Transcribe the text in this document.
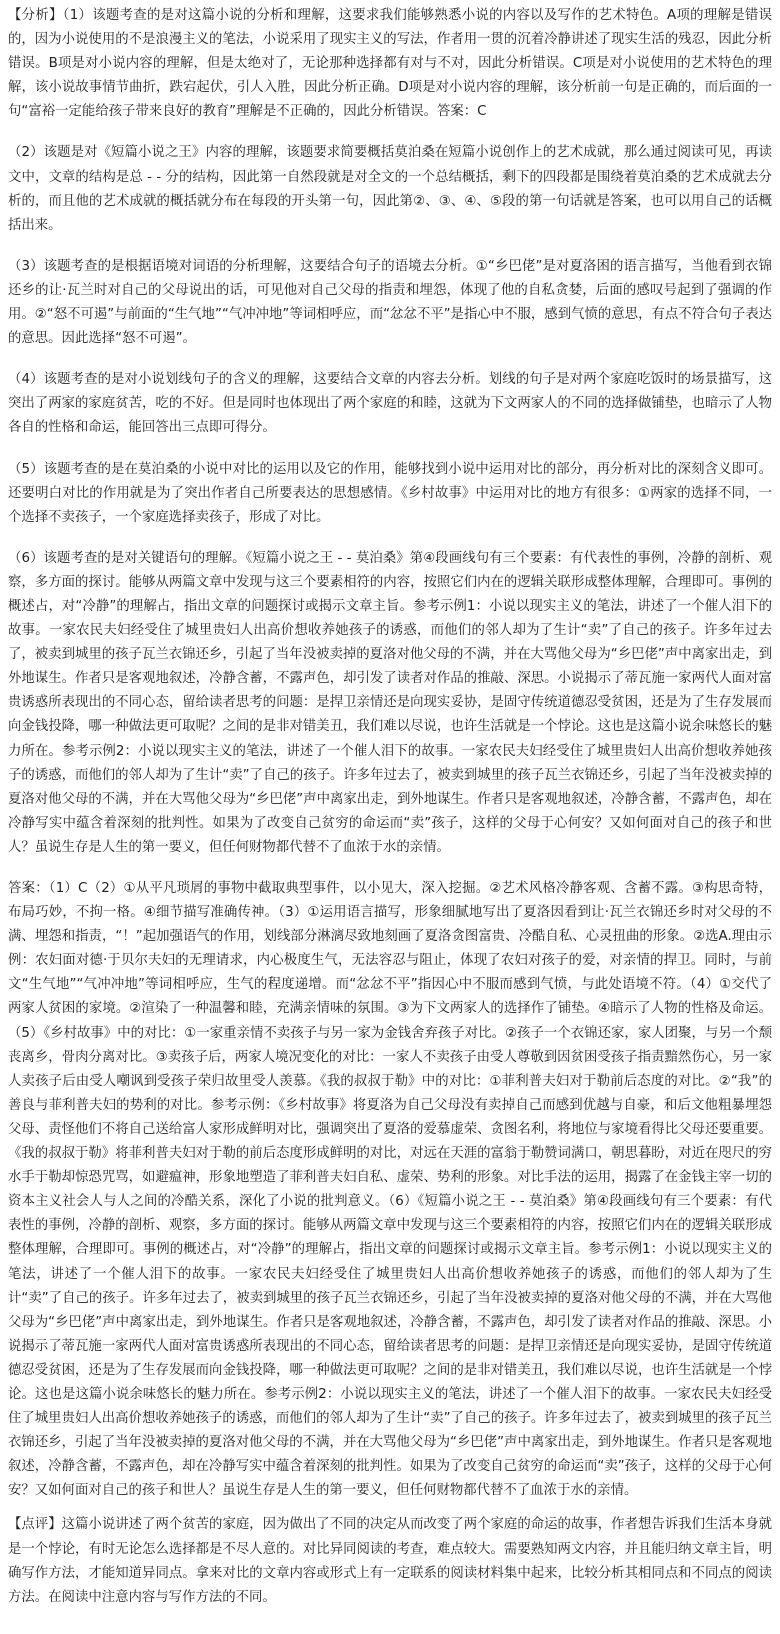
【分析】（1）该题考查的是对这篇小说的分析和理解，这要求我们能够熟悉小说的内容以及写作的艺术特色。A项的理解是错误的，因为小说使用的不是浪漫主义的笔法，小说采用了现实主义的写法，作者用一贯的沉着冷静讲述了现实生活的残忍，因此分析错误。B项是对小说内容的理解，但是太绝对了，无论那种选择都有对与不对，因此分析错误。C项是对小说使用的艺术特色的理解，该小说故事情节曲折，跌宕起伏，引人入胜，因此分析正确。D项是对小说内容的理解，该分析前一句是正确的，而后面的一句“富裕一定能给孩子带来良好的教育”理解是不正确的，因此分析错误。答案：C

（2）该题是对《短篇小说之王》内容的理解，该题要求简要概括莫泊桑在短篇小说创作上的艺术成就，那么通过阅读可见，再读文中，文章的结构是总 - - 分的结构，因此第一自然段就是对全文的一个总结概括，剩下的四段都是围绕着莫泊桑的艺术成就去分析的，而且他的艺术成就的概括就分布在每段的开头第一句，因此第②、③、④、⑤段的第一句话就是答案，也可以用自己的话概括出来。

（3）该题考查的是根据语境对词语的分析理解，这要结合句子的语境去分析。①“乡巴佬”是对夏洛困的语言描写，当他看到衣锦还乡的让·瓦兰时对自己的父母说出的话，可见他对自己父母的指责和埋怨，体现了他的自私贪婪，后面的感叹号起到了强调的作用。②“怒不可遏”与前面的“生气地”“气冲冲地”等词相呼应，而“忿忿不平”是指心中不服，感到气愤的意思，有点不符合句子表达的意思。因此选择“怒不可遏”。

（4）该题考查的是对小说划线句子的含义的理解，这要结合文章的内容去分析。划线的句子是对两个家庭吃饭时的场景描写，这突出了两家的家庭贫苦，吃的不好。但是同时也体现出了两个家庭的和睦，这就为下文两家人的不同的选择做铺垫，也暗示了人物各自的性格和命运，能回答出三点即可得分。

（5）该题考查的是在莫泊桑的小说中对比的运用以及它的作用，能够找到小说中运用对比的部分，再分析对比的深刻含义即可。还要明白对比的作用就是为了突出作者自己所要表达的思想感情。《乡村故事》中运用对比的地方有很多：①两家的选择不同，一个选择不卖孩子，一个家庭选择卖孩子，形成了对比。

（6）该题考查的是对关键语句的理解。《短篇小说之王 - - 莫泊桑》第④段画线句有三个要素：有代表性的事例，冷静的剖析、观察，多方面的探讨。能够从两篇文章中发现与这三个要素相符的内容，按照它们内在的逻辑关联形成整体理解，合理即可。事例的概述占，对“冷静”的理解占，指出文章的问题探讨或揭示文章主旨。参考示例1：小说以现实主义的笔法，讲述了一个催人泪下的故事。一家农民夫妇经受住了城里贵妇人出高价想收养她孩子的诱惑，而他们的邻人却为了生计“卖”了自己的孩子。许多年过去了，被卖到城里的孩子瓦兰衣锦还乡，引起了当年没被卖掉的夏洛对他父母的不满，并在大骂他父母为“乡巴佬”声中离家出走，到外地谋生。作者只是客观地叙述，冷静含蓄，不露声色，却引发了读者对作品的推敲、深思。小说揭示了蒂瓦施一家两代人面对富贵诱惑所表现出的不同心态，留给读者思考的问题：是捍卫亲情还是向现实妥协，是固守传统道德忍受贫困，还是为了生存发展而向金钱投降，哪一种做法更可取呢？之间的是非对错美丑，我们难以尽说，也许生活就是一个悖论。这也是这篇小说余味悠长的魅力所在。参考示例2：小说以现实主义的笔法，讲述了一个催人泪下的故事。一家农民夫妇经受住了城里贵妇人出高价想收养她孩子的诱惑，而他们的邻人却为了生计“卖”了自己的孩子。许多年过去了，被卖到城里的孩子瓦兰衣锦还乡，引起了当年没被卖掉的夏洛对他父母的不满，并在大骂他父母为“乡巴佬”声中离家出走，到外地谋生。作者只是客观地叙述，冷静含蓄，不露声色，却在冷静写实中蕴含着深刻的批判性。如果为了改变自己贫穷的命运而“卖”孩子，这样的父母于心何安？又如何面对自己的孩子和世人？虽说生存是人生的第一要义，但任何财物都代替不了血浓于水的亲情。

答案：（1）C（2）①从平凡琐屑的事物中截取典型事件，以小见大，深入挖掘。②艺术风格冷静客观、含蓄不露。③构思奇特，布局巧妙，不拘一格。④细节描写准确传神。（3）①运用语言描写，形象细腻地写出了夏洛因看到让·瓦兰衣锦还乡时对父母的不满、埋怨和指责，“！”起加强语气的作用，划线部分淋漓尽致地刻画了夏洛贪图富贵、冷酷自私、心灵扭曲的形象。②选A.理由示例：农妇面对德·于贝尔夫妇的无理请求，内心极度生气，无法容忍与阻止，体现了农妇对孩子的爱，对亲情的捍卫。同时，与前文“生气地”“气冲冲地”等词相呼应，生气的程度递增。而“忿忿不平”指因心中不服而感到气愤，与此处语境不符。（4）①交代了两家人贫困的家境。②渲染了一种温馨和睦，充满亲情味的氛围。③为下文两家人的选择作了铺垫。④暗示了人物的性格及命运。（5）《乡村故事》中的对比：①一家重亲情不卖孩子与另一家为金钱舍弃孩子对比。②孩子一个衣锦还家，家人团聚，与另一个颓丧离乡，骨肉分离对比。③卖孩子后，两家人境况变化的对比：一家人不卖孩子由受人尊敬到因贫困受孩子指责黯然伤心，另一家人卖孩子后由受人嘲讽到受孩子荣归故里受人羡慕。《我的叔叔于勒》中的对比：①菲利普夫妇对于勒前后态度的对比。②“我”的善良与菲利普夫妇的势利的对比。参考示例：《乡村故事》将夏洛为自己父母没有卖掉自己而感到优越与自豪，和后文他粗暴埋怨父母、责怪他们不将自己送给富人家形成鲜明对比，强调突出了夏洛的爱慕虚荣、贪图名利，将地位与家境看得比父母还要重要。《我的叔叔于勒》将菲利普夫妇对于勒的前后态度形成鲜明的对比，对远在天涯的富翁于勒赞词满口，朝思暮盼，对近在咫尺的穷水手于勒却惊恐咒骂，如避瘟神，形象地塑造了菲利普夫妇自私、虚荣、势利的形象。对比手法的运用，揭露了在金钱主宰一切的资本主义社会人与人之间的冷酷关系，深化了小说的批判意义。（6）《短篇小说之王 - - 莫泊桑》第④段画线句有三个要素：有代表性的事例，冷静的剖析、观察，多方面的探讨。能够从两篇文章中发现与这三个要素相符的内容，按照它们内在的逻辑关联形成整体理解，合理即可。事例的概述占，对“冷静”的理解占，指出文章的问题探讨或揭示文章主旨。参考示例1：小说以现实主义的笔法，讲述了一个催人泪下的故事。一家农民夫妇经受住了城里贵妇人出高价想收养她孩子的诱惑，而他们的邻人却为了生计“卖”了自己的孩子。许多年过去了，被卖到城里的孩子瓦兰衣锦还乡，引起了当年没被卖掉的夏洛对他父母的不满，并在大骂他父母为“乡巴佬”声中离家出走，到外地谋生。作者只是客观地叙述，冷静含蓄，不露声色，却引发了读者对作品的推敲、深思。小说揭示了蒂瓦施一家两代人面对富贵诱惑所表现出的不同心态，留给读者思考的问题：是捍卫亲情还是向现实妥协，是固守传统道德忍受贫困，还是为了生存发展而向金钱投降，哪一种做法更可取呢？之间的是非对错美丑，我们难以尽说，也许生活就是一个悖论。这也是这篇小说余味悠长的魅力所在。参考示例2：小说以现实主义的笔法，讲述了一个催人泪下的故事。一家农民夫妇经受住了城里贵妇人出高价想收养她孩子的诱惑，而他们的邻人却为了生计“卖”了自己的孩子。许多年过去了，被卖到城里的孩子瓦兰衣锦还乡，引起了当年没被卖掉的夏洛对他父母的不满，并在大骂他父母为“乡巴佬”声中离家出走，到外地谋生。作者只是客观地叙述，冷静含蓄，不露声色，却在冷静写实中蕴含着深刻的批判性。如果为了改变自己贫穷的命运而“卖”孩子，这样的父母于心何安？又如何面对自己的孩子和世人？虽说生存是人生的第一要义，但任何财物都代替不了血浓于水的亲情。

【点评】这篇小说讲述了两个贫苦的家庭，因为做出了不同的决定从而改变了两个家庭的命运的故事，作者想告诉我们生活本身就是一个悖论，有时无论怎么选择都是不尽人意的。对比异同阅读的考查，难点较大。需要熟知两文内容，并且能归纳文章主旨，明确写作方法，才能知道异同点。拿来对比的文章内容或形式上有一定联系的阅读材料集中起来，比较分析其相同点和不同点的阅读方法。在阅读中注意内容与写作方法的不同。
